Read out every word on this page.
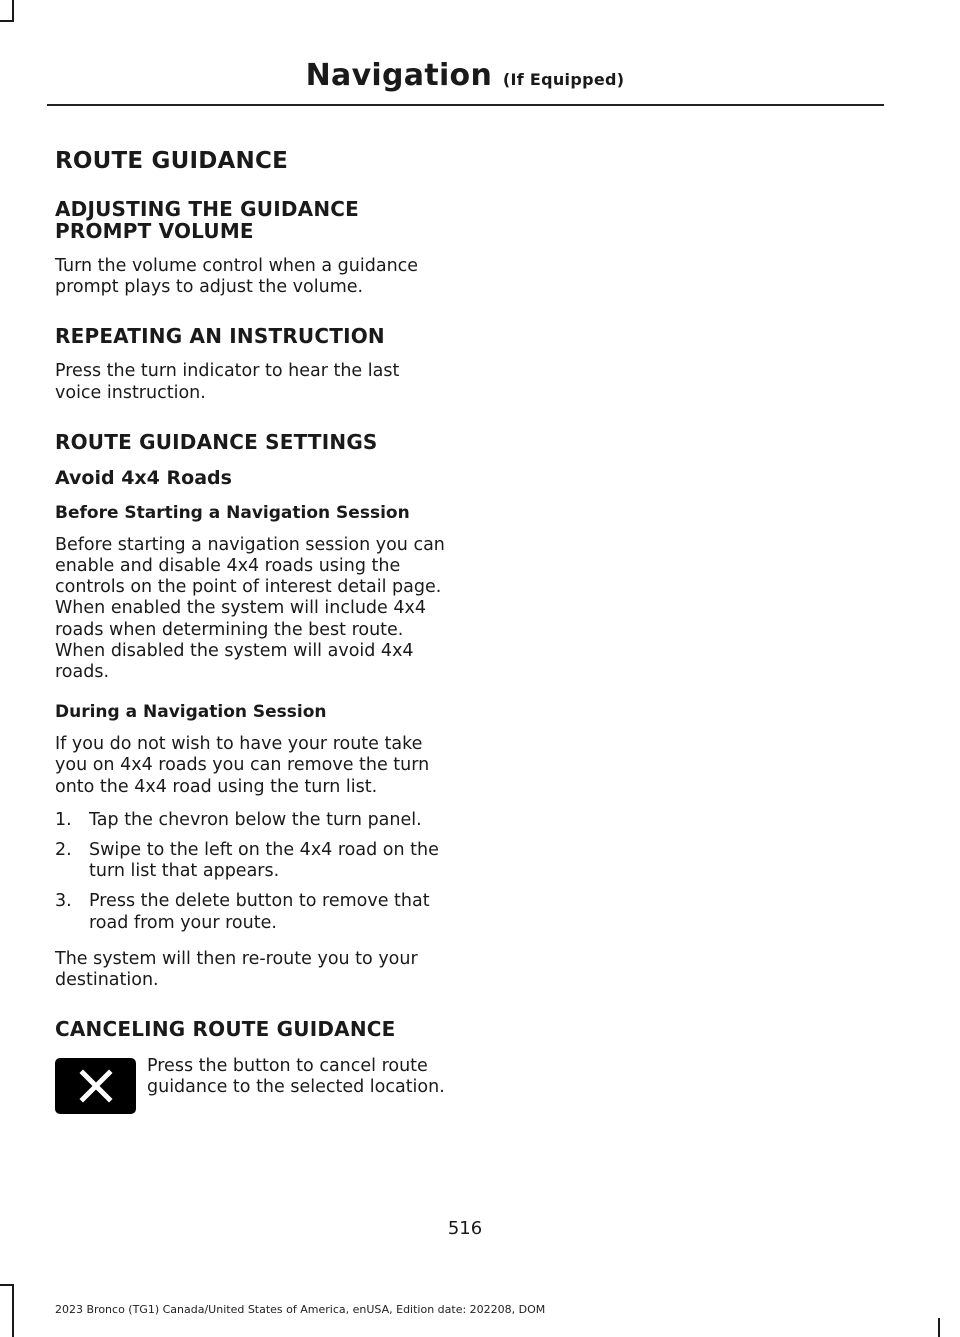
Navigation (If Equipped)
ROUTE GUIDANCE
ADJUSTING THE GUIDANCE
PROMPT VOLUME

Turn the volume control when a guidance prompt plays to adjust the volume.

REPEATING AN INSTRUCTION

Press the turn indicator to hear the last voice instruction.

ROUTE GUIDANCE SETTINGS
Avoid 4x4 Roads
Before Starting a Navigation Session

Before starting a navigation session you can enable and disable 4x4 roads using the controls on the point of interest detail page. When enabled the system will include 4x4 roads when determining the best route. When disabled the system will avoid 4x4 roads.

During a Navigation Session

If you do not wish to have your route take you on 4x4 roads you can remove the turn onto the 4x4 road using the turn list.

1. Tap the chevron below the turn panel.
2. Swipe to the left on the 4x4 road on the turn list that appears.
3. Press the delete button to remove that road from your route.

The system will then re-route you to your destination.

CANCELING ROUTE GUIDANCE

Press the button to cancel route guidance to the selected location.

516
2023 Bronco (TG1) Canada/United States of America, enUSA, Edition date: 202208, DOM
